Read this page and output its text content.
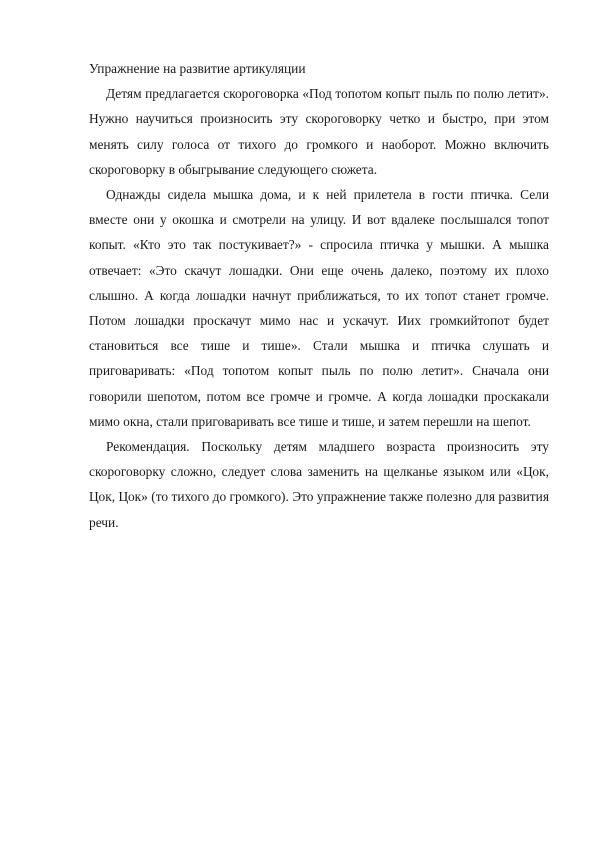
Упражнение на развитие артикуляции

Детям предлагается скороговорка «Под топотом копыт пыль по полю летит». Нужно научиться произносить эту скороговорку четко и быстро, при этом менять силу голоса от тихого до громкого и наоборот. Можно включить скороговорку в обыгрывание следующего сюжета.

Однажды сидела мышка дома, и к ней прилетела в гости птичка. Сели вместе они у окошка и смотрели на улицу. И вот вдалеке послышался топот копыт. «Кто это так постукивает?» - спросила птичка у мышки. А мышка отвечает: «Это скачут лошадки. Они еще очень далеко, поэтому их плохо слышно. А когда лошадки начнут приближаться, то их топот станет громче. Потом лошадки проскачут мимо нас и ускачут. Иих громкийтопот будет становиться все тише и тише». Стали мышка и птичка слушать и приговаривать: «Под топотом копыт пыль по полю летит». Сначала они говорили шепотом, потом все громче и громче. А когда лошадки проскакали мимо окна, стали приговаривать все тише и тише, и затем перешли на шепот.

Рекомендация. Поскольку детям младшего возраста произносить эту скороговорку сложно, следует слова заменить на щелканье языком или «Цок, Цок, Цок» (то тихого до громкого). Это упражнение также полезно для развития речи.
